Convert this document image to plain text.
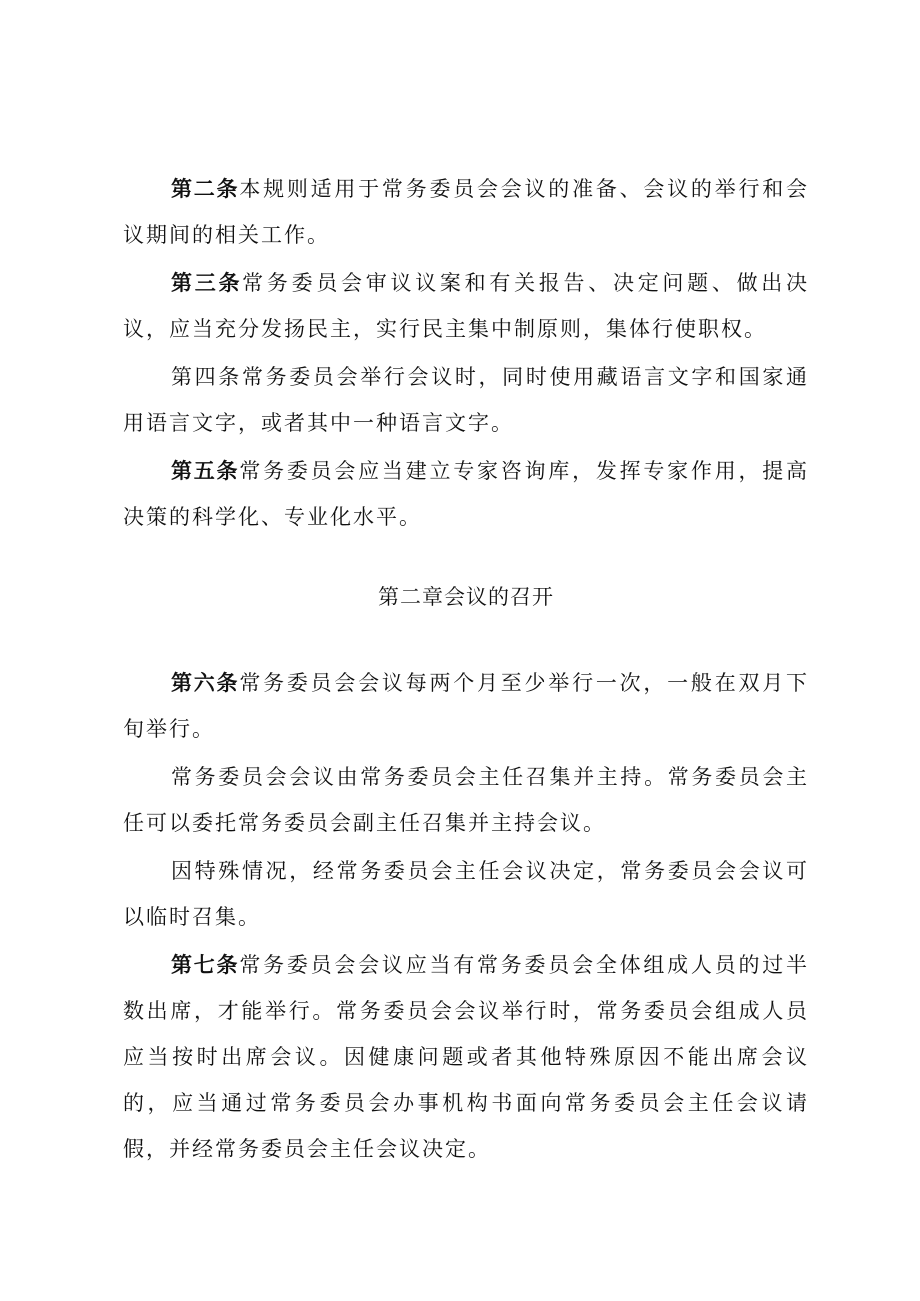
第二条本规则适用于常务委员会会议的准备、会议的举行和会议期间的相关工作。

第三条常务委员会审议议案和有关报告、决定问题、做出决议，应当充分发扬民主，实行民主集中制原则，集体行使职权。

第四条常务委员会举行会议时，同时使用藏语言文字和国家通用语言文字，或者其中一种语言文字。

第五条常务委员会应当建立专家咨询库，发挥专家作用，提高决策的科学化、专业化水平。

第二章会议的召开

第六条常务委员会会议每两个月至少举行一次，一般在双月下旬举行。

常务委员会会议由常务委员会主任召集并主持。常务委员会主任可以委托常务委员会副主任召集并主持会议。

因特殊情况，经常务委员会主任会议决定，常务委员会会议可以临时召集。

第七条常务委员会会议应当有常务委员会全体组成人员的过半数出席，才能举行。常务委员会会议举行时，常务委员会组成人员应当按时出席会议。因健康问题或者其他特殊原因不能出席会议的，应当通过常务委员会办事机构书面向常务委员会主任会议请假，并经常务委员会主任会议决定。
